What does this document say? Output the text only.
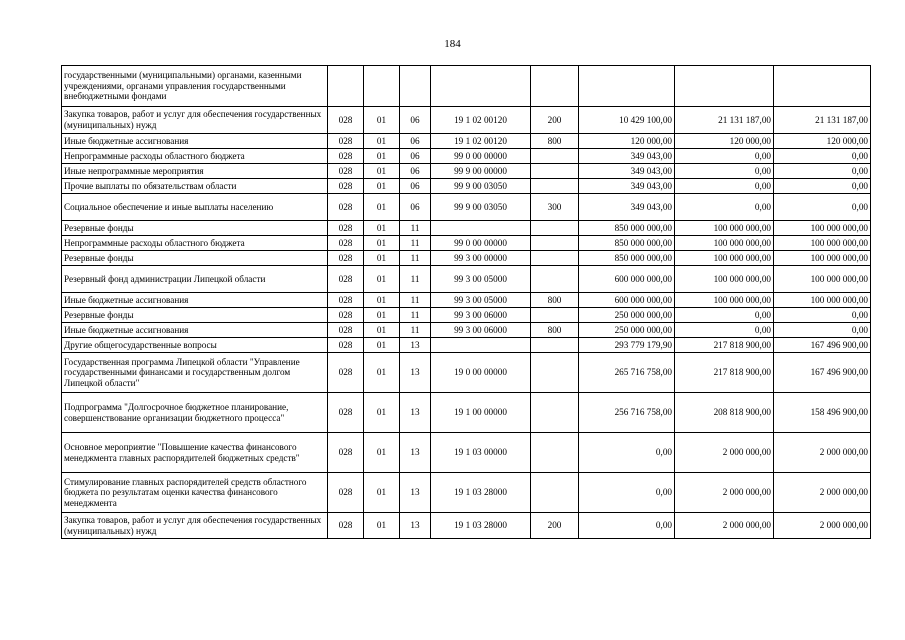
184
государственными (муниципальными) органами, казенными учреждениями, органами управления государственными внебюджетными фондами								
Закупка товаров, работ и услуг для обеспечения государственных (муниципальных) нужд	028	01	06	19 1 02 00120	200	10 429 100,00	21 131 187,00	21 131 187,00
Иные бюджетные ассигнования	028	01	06	19 1 02 00120	800	120 000,00	120 000,00	120 000,00
Непрограммные расходы областного бюджета	028	01	06	99 0 00 00000		349 043,00	0,00	0,00
Иные непрограммные мероприятия	028	01	06	99 9 00 00000		349 043,00	0,00	0,00
Прочие выплаты по обязательствам области	028	01	06	99 9 00 03050		349 043,00	0,00	0,00
Социальное обеспечение и иные выплаты населению	028	01	06	99 9 00 03050	300	349 043,00	0,00	0,00
Резервные фонды	028	01	11			850 000 000,00	100 000 000,00	100 000 000,00
Непрограммные расходы областного бюджета	028	01	11	99 0 00 00000		850 000 000,00	100 000 000,00	100 000 000,00
Резервные фонды	028	01	11	99 3 00 00000		850 000 000,00	100 000 000,00	100 000 000,00
Резервный фонд администрации Липецкой области	028	01	11	99 3 00 05000		600 000 000,00	100 000 000,00	100 000 000,00
Иные бюджетные ассигнования	028	01	11	99 3 00 05000	800	600 000 000,00	100 000 000,00	100 000 000,00
Резервные фонды	028	01	11	99 3 00 06000		250 000 000,00	0,00	0,00
Иные бюджетные ассигнования	028	01	11	99 3 00 06000	800	250 000 000,00	0,00	0,00
Другие общегосударственные вопросы	028	01	13			293 779 179,90	217 818 900,00	167 496 900,00
Государственная программа Липецкой области "Управление государственными финансами и государственным долгом Липецкой области"	028	01	13	19 0 00 00000		265 716 758,00	217 818 900,00	167 496 900,00
Подпрограмма "Долгосрочное бюджетное планирование, совершенствование организации бюджетного процесса"	028	01	13	19 1 00 00000		256 716 758,00	208 818 900,00	158 496 900,00
Основное мероприятие "Повышение качества финансового менеджмента главных распорядителей бюджетных средств"	028	01	13	19 1 03 00000		0,00	2 000 000,00	2 000 000,00
Стимулирование главных распорядителей средств областного бюджета по результатам оценки качества финансового менеджмента	028	01	13	19 1 03 28000		0,00	2 000 000,00	2 000 000,00
Закупка товаров, работ и услуг для обеспечения государственных (муниципальных) нужд	028	01	13	19 1 03 28000	200	0,00	2 000 000,00	2 000 000,00
